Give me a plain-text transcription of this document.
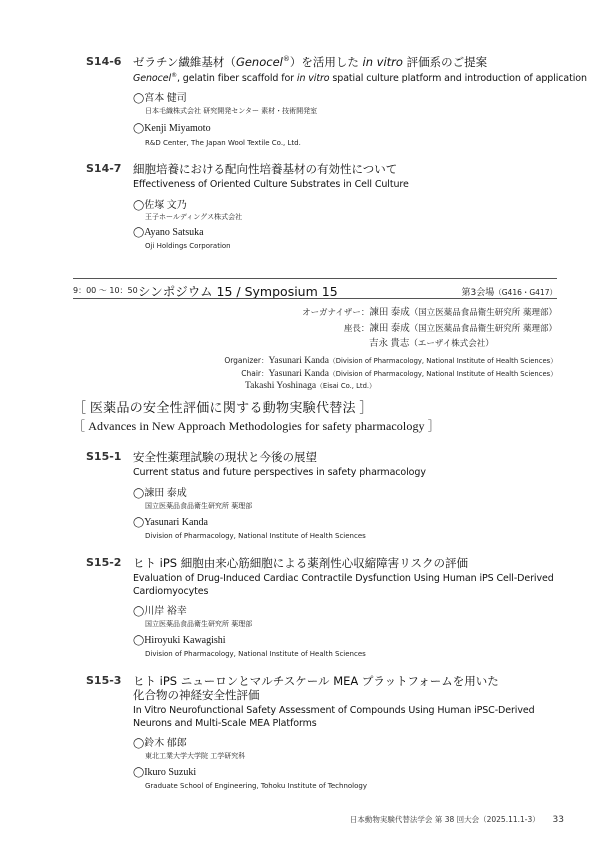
S14-6 ゼラチン繊維基材（Genocel®）を活用した in vitro 評価系のご提案
Genocel®, gelatin fiber scaffold for in vitro spatial culture platform and introduction of application
◯宮本 健司
日本毛織株式会社 研究開発センター 素材・技術開発室
◯Kenji Miyamoto
R&D Center, The Japan Wool Textile Co., Ltd.
S14-7 細胞培養における配向性培養基材の有効性について
Effectiveness of Oriented Culture Substrates in Cell Culture
◯佐塚 文乃
王子ホールディングス株式会社
◯Ayano Satsuka
Oji Holdings Corporation
9：00 〜 10：50 シンポジウム 15 / Symposium 15	第3会場（G416・G417）
オーガナイザー：諫田 泰成（国立医薬品食品衛生研究所 薬理部）
座長：諫田 泰成（国立医薬品食品衛生研究所 薬理部）
吉永 貴志（エーザイ株式会社）
Organizer：Yasunari Kanda（Division of Pharmacology, National Institute of Health Sciences）
Chair：Yasunari Kanda（Division of Pharmacology, National Institute of Health Sciences）
Takashi Yoshinaga（Eisai Co., Ltd.）
［ 医薬品の安全性評価に関する動物実験代替法 ］
［ Advances in New Approach Methodologies for safety pharmacology ］
S15-1 安全性薬理試験の現状と今後の展望
Current status and future perspectives in safety pharmacology
◯諫田 泰成
国立医薬品食品衛生研究所 薬理部
◯Yasunari Kanda
Division of Pharmacology, National Institute of Health Sciences
S15-2 ヒト iPS 細胞由来心筋細胞による薬剤性心収縮障害リスクの評価
Evaluation of Drug-Induced Cardiac Contractile Dysfunction Using Human iPS Cell-Derived
Cardiomyocytes
◯川岸 裕幸
国立医薬品食品衛生研究所 薬理部
◯Hiroyuki Kawagishi
Division of Pharmacology, National Institute of Health Sciences
S15-3 ヒト iPS ニューロンとマルチスケール MEA プラットフォームを用いた
化合物の神経安全性評価
In Vitro Neurofunctional Safety Assessment of Compounds Using Human iPSC-Derived
Neurons and Multi-Scale MEA Platforms
◯鈴木 郁郎
東北工業大学大学院 工学研究科
◯Ikuro Suzuki
Graduate School of Engineering, Tohoku Institute of Technology
日本動物実験代替法学会 第 38 回大会（2025.11.1-3） 33
